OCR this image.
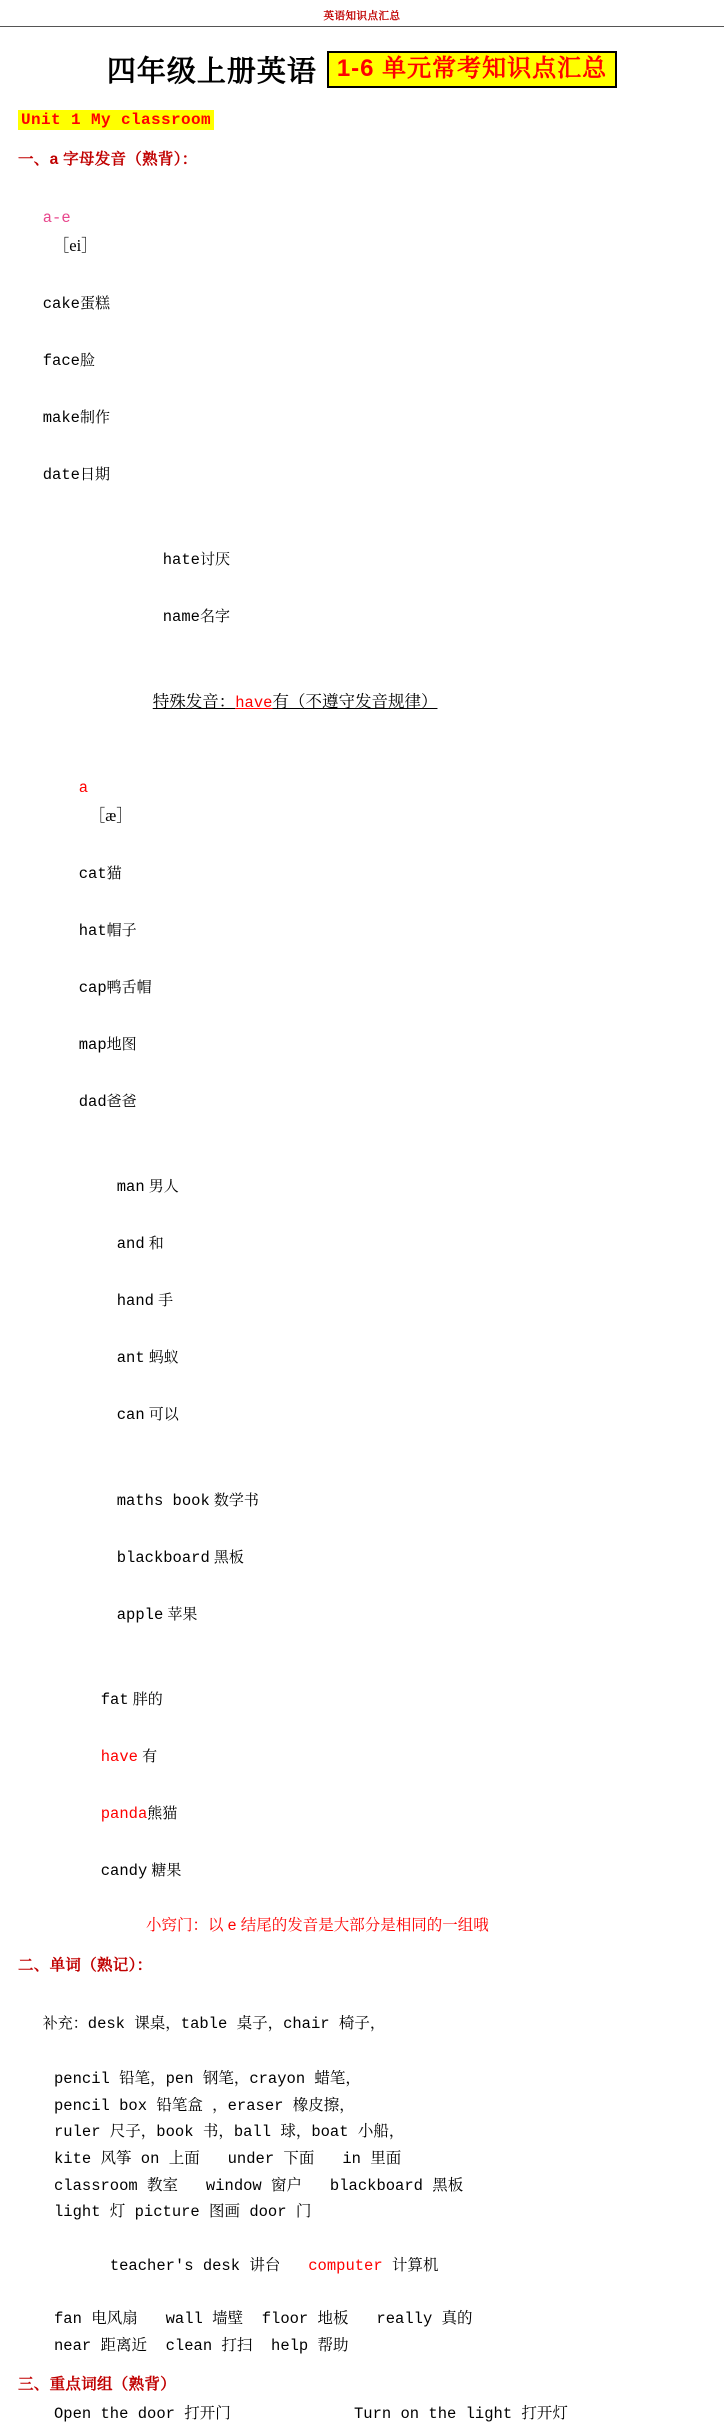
英语知识点汇总
四年级上册英语 1-6 单元常考知识点汇总
Unit 1 My classroom
一、a 字母发音（熟背）：

a-e
［ei］

cake蛋糕

face脸

make制作

date日期

hate讨厌

name名字

特殊发音：have有（不遵守发音规律）

a
［æ］

cat猫

hat帽子

cap鸭舌帽

map地图

dad爸爸

man 男人

and 和

hand 手

ant 蚂蚁

can 可以

maths book 数学书

blackboard 黑板

apple 苹果

fat 胖的

have 有

panda熊猫

candy 糖果

小窍门：以 e 结尾的发音是大部分是相同的一组哦
二、单词（熟记）：

补充：desk 课桌，table 桌子，chair 椅子，

pencil 铅笔，pen 钢笔，crayon 蜡笔，
pencil box 铅笔盒 ，eraser 橡皮擦，
ruler 尺子，book 书，ball 球，boat 小船，
kite 风筝 on 上面   under 下面   in 里面
classroom 教室   window 窗户   blackboard 黑板
light 灯 picture 图画 door 门

teacher's desk 讲台   computer 计算机

fan 电风扇   wall 墙壁  floor 地板   really 真的
near 距离近  clean 打扫  help 帮助
三、重点词组（熟背）
Open the door 打开门	Turn on the light 打开灯
